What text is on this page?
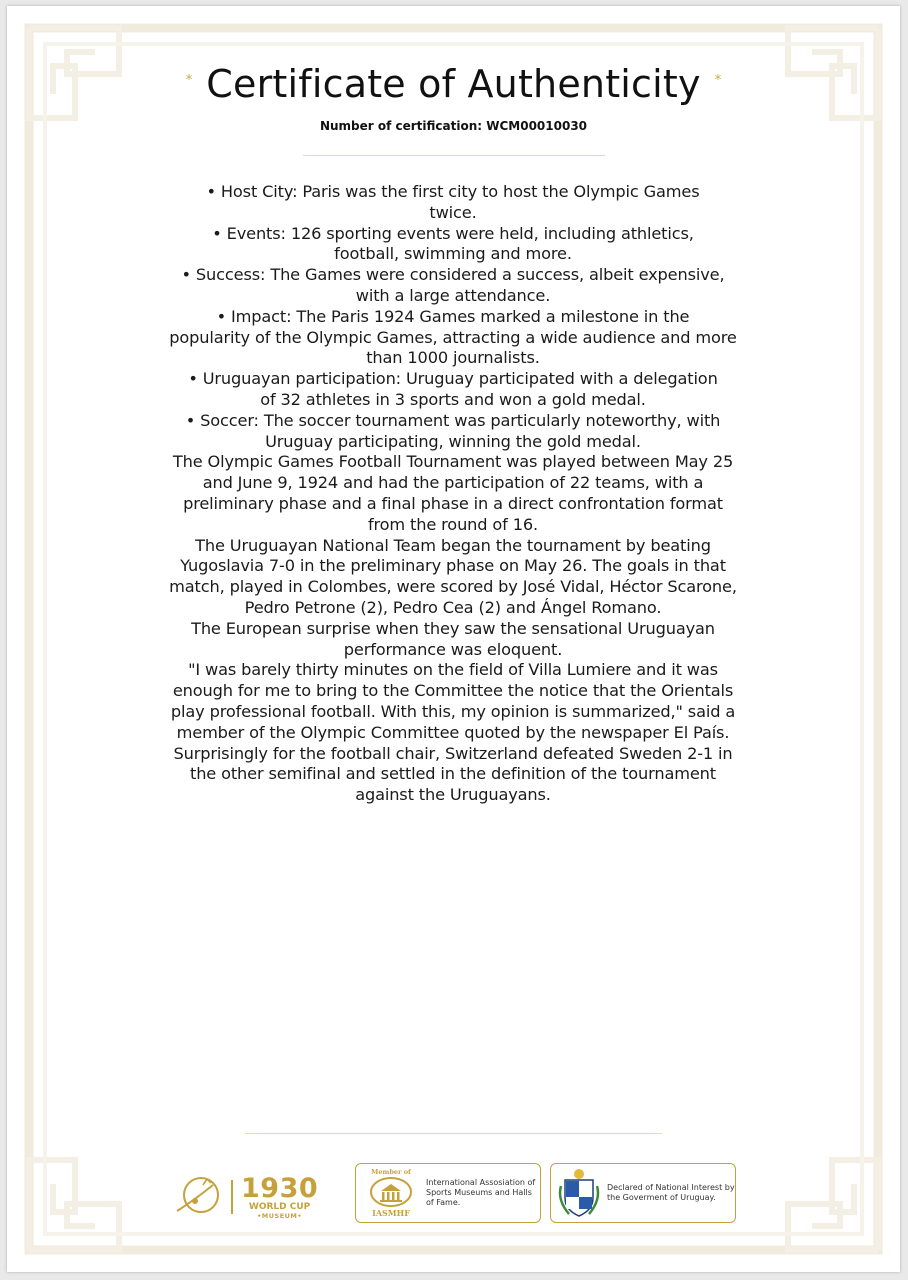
* Certificate of Authenticity *
Number of certification: WCM00010030
• Host City: Paris was the first city to host the Olympic Games
twice.
• Events: 126 sporting events were held, including athletics,
football, swimming and more.
• Success: The Games were considered a success, albeit expensive,
with a large attendance.
• Impact: The Paris 1924 Games marked a milestone in the
popularity of the Olympic Games, attracting a wide audience and more
than 1000 journalists.
• Uruguayan participation: Uruguay participated with a delegation
of 32 athletes in 3 sports and won a gold medal.
• Soccer: The soccer tournament was particularly noteworthy, with
Uruguay participating, winning the gold medal.
The Olympic Games Football Tournament was played between May 25
and June 9, 1924 and had the participation of 22 teams, with a
preliminary phase and a final phase in a direct confrontation format
from the round of 16.
The Uruguayan National Team began the tournament by beating
Yugoslavia 7-0 in the preliminary phase on May 26. The goals in that
match, played in Colombes, were scored by José Vidal, Héctor Scarone,
Pedro Petrone (2), Pedro Cea (2) and Ángel Romano.
The European surprise when they saw the sensational Uruguayan
performance was eloquent.
"I was barely thirty minutes on the field of Villa Lumiere and it was
enough for me to bring to the Committee the notice that the Orientals
play professional football. With this, my opinion is summarized," said a
member of the Olympic Committee quoted by the newspaper El País.
Surprisingly for the football chair, Switzerland defeated Sweden 2-1 in
the other semifinal and settled in the definition of the tournament
against the Uruguayans.
1930
WORLD CUP
•MUSEUM•
Member of
IASMHF
International Assosiation of
Sports Museums and Halls
of Fame.
Declared of National Interest by
the Goverment of Uruguay.
